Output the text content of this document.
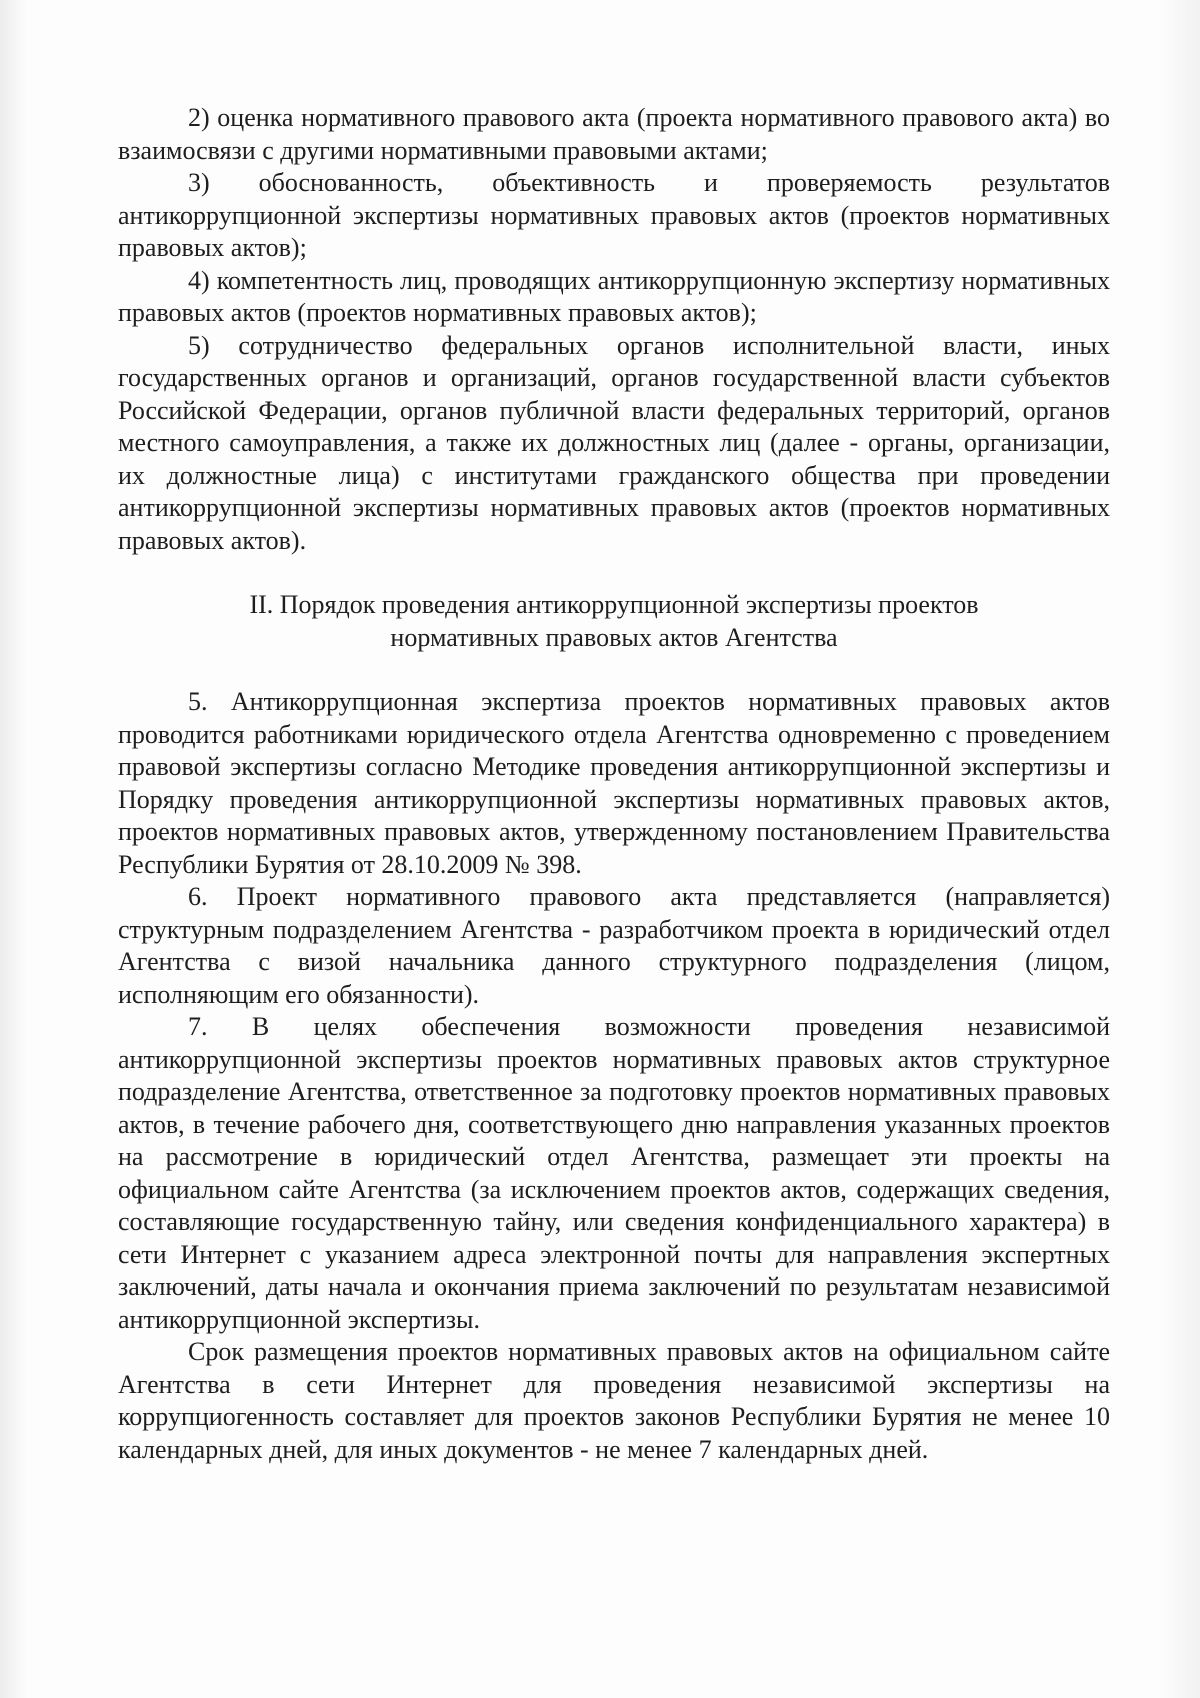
2) оценка нормативного правового акта (проекта нормативного правового акта) во взаимосвязи с другими нормативными правовыми актами;

3) обоснованность, объективность и проверяемость результатов антикоррупционной экспертизы нормативных правовых актов (проектов нормативных правовых актов);

4) компетентность лиц, проводящих антикоррупционную экспертизу нормативных правовых актов (проектов нормативных правовых актов);

5) сотрудничество федеральных органов исполнительной власти, иных государственных органов и организаций, органов государственной власти субъектов Российской Федерации, органов публичной власти федеральных территорий, органов местного самоуправления, а также их должностных лиц (далее - органы, организации, их должностные лица) с институтами гражданского общества при проведении антикоррупционной экспертизы нормативных правовых актов (проектов нормативных правовых актов).

II. Порядок проведения антикоррупционной экспертизы проектов
нормативных правовых актов Агентства

5. Антикоррупционная экспертиза проектов нормативных правовых актов проводится работниками юридического отдела Агентства одновременно с проведением правовой экспертизы согласно Методике проведения антикоррупционной экспертизы и Порядку проведения антикоррупционной экспертизы нормативных правовых актов, проектов нормативных правовых актов, утвержденному постановлением Правительства Республики Бурятия от 28.10.2009 № 398.

6. Проект нормативного правового акта представляется (направляется) структурным подразделением Агентства - разработчиком проекта в юридический отдел Агентства с визой начальника данного структурного подразделения (лицом, исполняющим его обязанности).

7. В целях обеспечения возможности проведения независимой антикоррупционной экспертизы проектов нормативных правовых актов структурное подразделение Агентства, ответственное за подготовку проектов нормативных правовых актов, в течение рабочего дня, соответствующего дню направления указанных проектов на рассмотрение в юридический отдел Агентства, размещает эти проекты на официальном сайте Агентства (за исключением проектов актов, содержащих сведения, составляющие государственную тайну, или сведения конфиденциального характера) в сети Интернет с указанием адреса электронной почты для направления экспертных заключений, даты начала и окончания приема заключений по результатам независимой антикоррупционной экспертизы.

Срок размещения проектов нормативных правовых актов на официальном сайте Агентства в сети Интернет для проведения независимой экспертизы на коррупциогенность составляет для проектов законов Республики Бурятия не менее 10 календарных дней, для иных документов - не менее 7 календарных дней.
